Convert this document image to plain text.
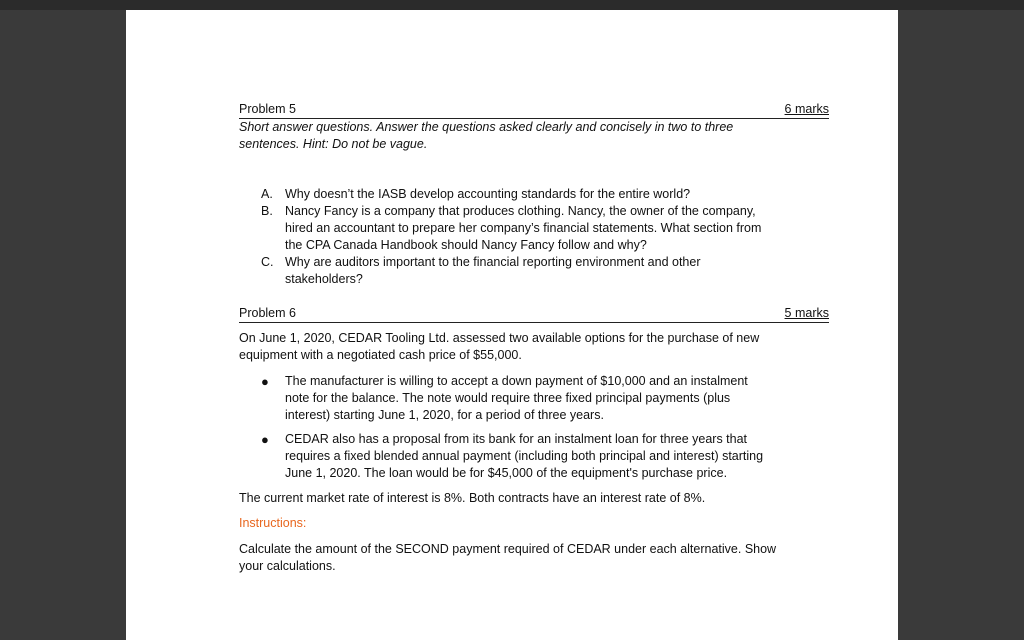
Problem 5	6 marks
Short answer questions. Answer the questions asked clearly and concisely in two to three
sentences. Hint: Do not be vague.
A. Why doesn’t the IASB develop accounting standards for the entire world?
B. Nancy Fancy is a company that produces clothing. Nancy, the owner of the company,
hired an accountant to prepare her company’s financial statements. What section from
the CPA Canada Handbook should Nancy Fancy follow and why?
C. Why are auditors important to the financial reporting environment and other
stakeholders?
Problem 6	5 marks
On June 1, 2020, CEDAR Tooling Ltd. assessed two available options for the purchase of new
equipment with a negotiated cash price of $55,000.
● The manufacturer is willing to accept a down payment of $10,000 and an instalment
note for the balance. The note would require three fixed principal payments (plus
interest) starting June 1, 2020, for a period of three years.
● CEDAR also has a proposal from its bank for an instalment loan for three years that
requires a fixed blended annual payment (including both principal and interest) starting
June 1, 2020. The loan would be for $45,000 of the equipment's purchase price.
The current market rate of interest is 8%. Both contracts have an interest rate of 8%.
Instructions:
Calculate the amount of the SECOND payment required of CEDAR under each alternative. Show
your calculations.
